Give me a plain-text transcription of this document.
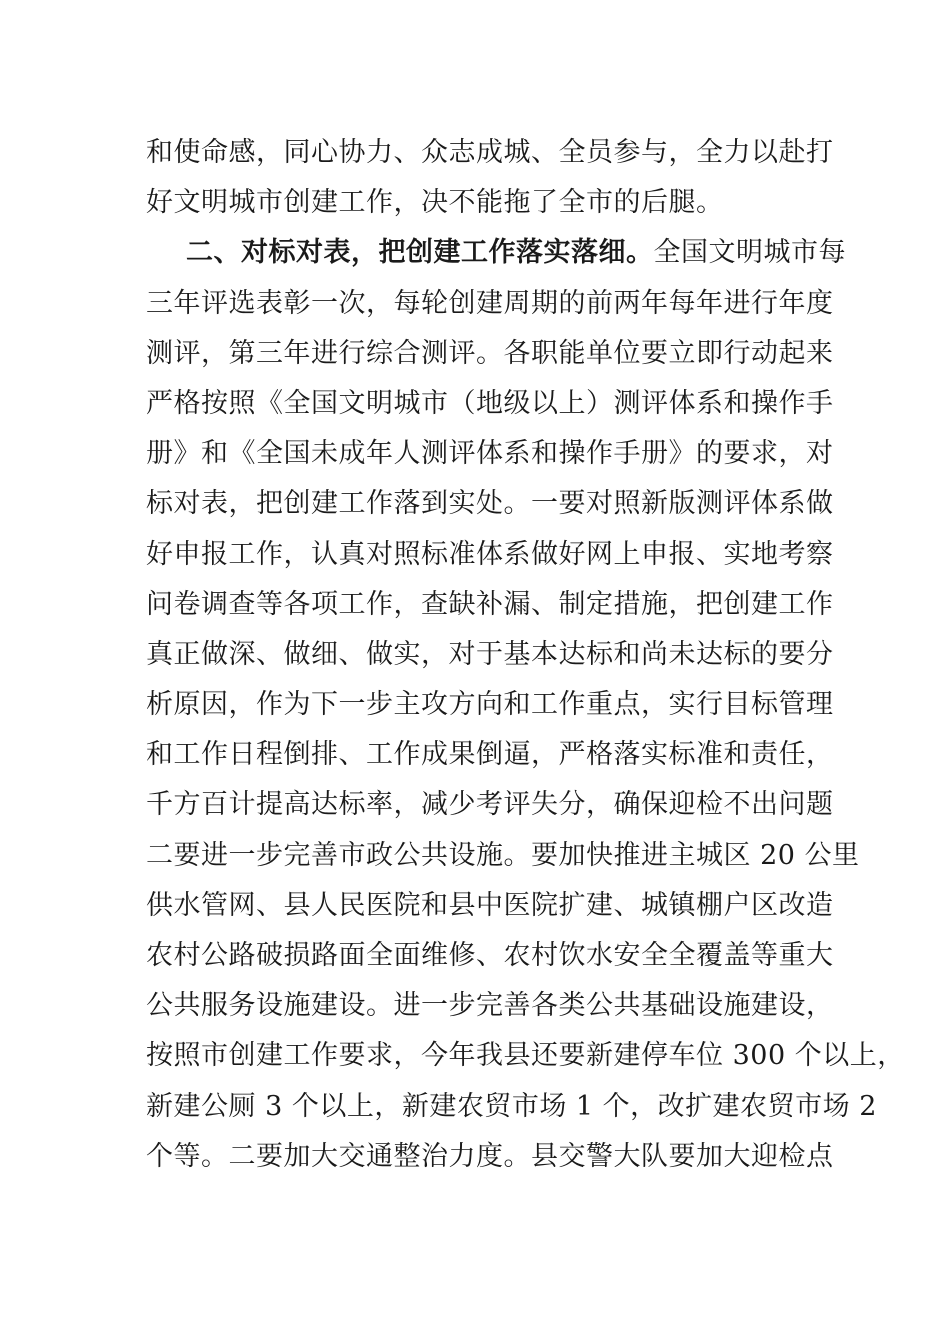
和使命感，同心协力、众志成城、全员参与，全力以赴打
好文明城市创建工作，决不能拖了全市的后腿。
二、对标对表，把创建工作落实落细。全国文明城市每
三年评选表彰一次，每轮创建周期的前两年每年进行年度
测评，第三年进行综合测评。各职能单位要立即行动起来
严格按照《全国文明城市（地级以上）测评体系和操作手
册》和《全国未成年人测评体系和操作手册》的要求，对
标对表，把创建工作落到实处。一要对照新版测评体系做
好申报工作，认真对照标准体系做好网上申报、实地考察
问卷调查等各项工作，查缺补漏、制定措施，把创建工作
真正做深、做细、做实，对于基本达标和尚未达标的要分
析原因，作为下一步主攻方向和工作重点，实行目标管理
和工作日程倒排、工作成果倒逼，严格落实标准和责任，
千方百计提高达标率，减少考评失分，确保迎检不出问题
二要进一步完善市政公共设施。要加快推进主城区 20 公里
供水管网、县人民医院和县中医院扩建、城镇棚户区改造
农村公路破损路面全面维修、农村饮水安全全覆盖等重大
公共服务设施建设。进一步完善各类公共基础设施建设，
按照市创建工作要求，今年我县还要新建停车位 300 个以上，
新建公厕 3 个以上，新建农贸市场 1 个，改扩建农贸市场 2
个等。二要加大交通整治力度。县交警大队要加大迎检点
